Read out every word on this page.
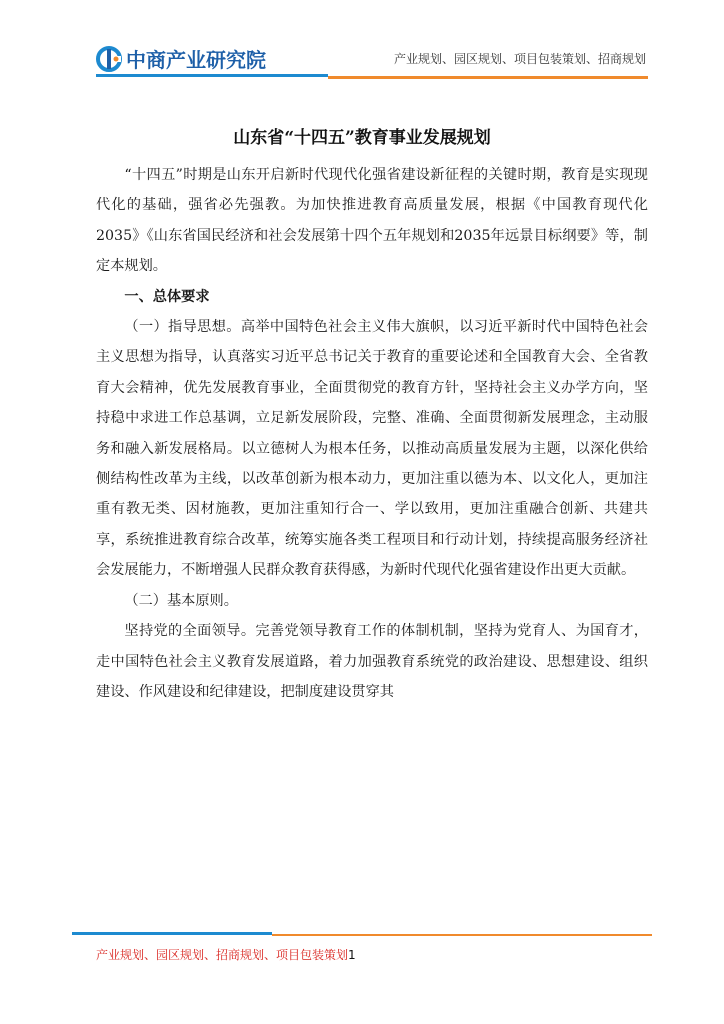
中商产业研究院	产业规划、园区规划、项目包装策划、招商规划
山东省“十四五”教育事业发展规划

“十四五”时期是山东开启新时代现代化强省建设新征程的关键时期，教育是实现现代化的基础，强省必先强教。为加快推进教育高质量发展，根据《中国教育现代化2035》《山东省国民经济和社会发展第十四个五年规划和2035年远景目标纲要》等，制定本规划。

一、总体要求

（一）指导思想。高举中国特色社会主义伟大旗帜，以习近平新时代中国特色社会主义思想为指导，认真落实习近平总书记关于教育的重要论述和全国教育大会、全省教育大会精神，优先发展教育事业，全面贯彻党的教育方针，坚持社会主义办学方向，坚持稳中求进工作总基调，立足新发展阶段，完整、准确、全面贯彻新发展理念，主动服务和融入新发展格局。以立德树人为根本任务，以推动高质量发展为主题，以深化供给侧结构性改革为主线，以改革创新为根本动力，更加注重以德为本、以文化人，更加注重有教无类、因材施教，更加注重知行合一、学以致用，更加注重融合创新、共建共享，系统推进教育综合改革，统筹实施各类工程项目和行动计划，持续提高服务经济社会发展能力，不断增强人民群众教育获得感，为新时代现代化强省建设作出更大贡献。

（二）基本原则。

坚持党的全面领导。完善党领导教育工作的体制机制，坚持为党育人、为国育才，走中国特色社会主义教育发展道路，着力加强教育系统党的政治建设、思想建设、组织建设、作风建设和纪律建设，把制度建设贯穿其

产业规划、园区规划、招商规划、项目包装策划1
